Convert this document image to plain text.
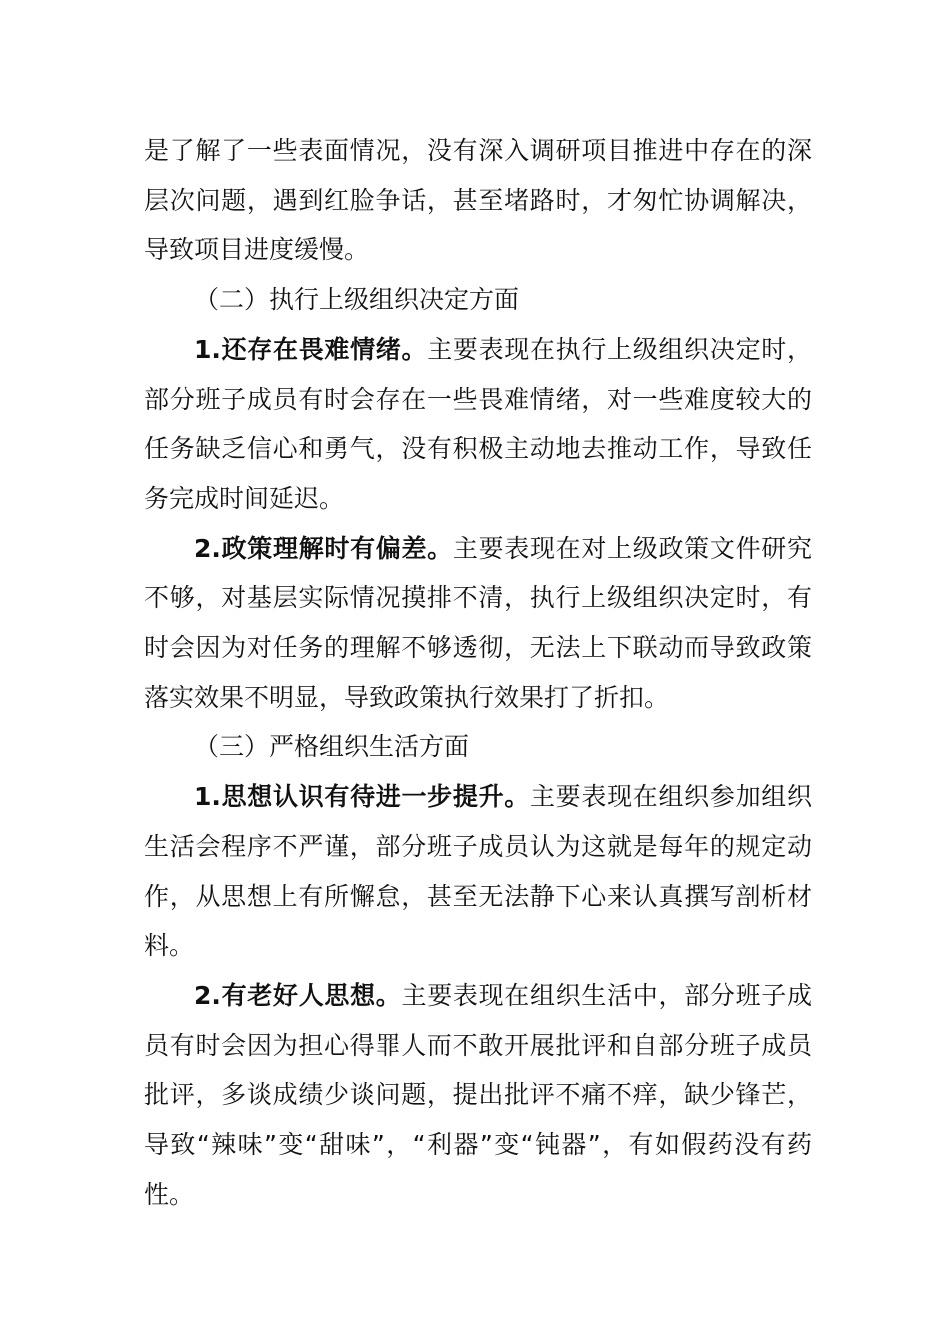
是了解了一些表面情况，没有深入调研项目推进中存在的深层次问题，遇到红脸争话，甚至堵路时，才匆忙协调解决，导致项目进度缓慢。

（二）执行上级组织决定方面

1.还存在畏难情绪。主要表现在执行上级组织决定时，部分班子成员有时会存在一些畏难情绪，对一些难度较大的任务缺乏信心和勇气，没有积极主动地去推动工作，导致任务完成时间延迟。

2.政策理解时有偏差。主要表现在对上级政策文件研究不够，对基层实际情况摸排不清，执行上级组织决定时，有时会因为对任务的理解不够透彻，无法上下联动而导致政策落实效果不明显，导致政策执行效果打了折扣。

（三）严格组织生活方面

1.思想认识有待进一步提升。主要表现在组织参加组织生活会程序不严谨，部分班子成员认为这就是每年的规定动作，从思想上有所懈怠，甚至无法静下心来认真撰写剖析材料。

2.有老好人思想。主要表现在组织生活中，部分班子成员有时会因为担心得罪人而不敢开展批评和自部分班子成员批评，多谈成绩少谈问题，提出批评不痛不痒，缺少锋芒，导致“辣味”变“甜味”，“利器”变“钝器”，有如假药没有药性。
